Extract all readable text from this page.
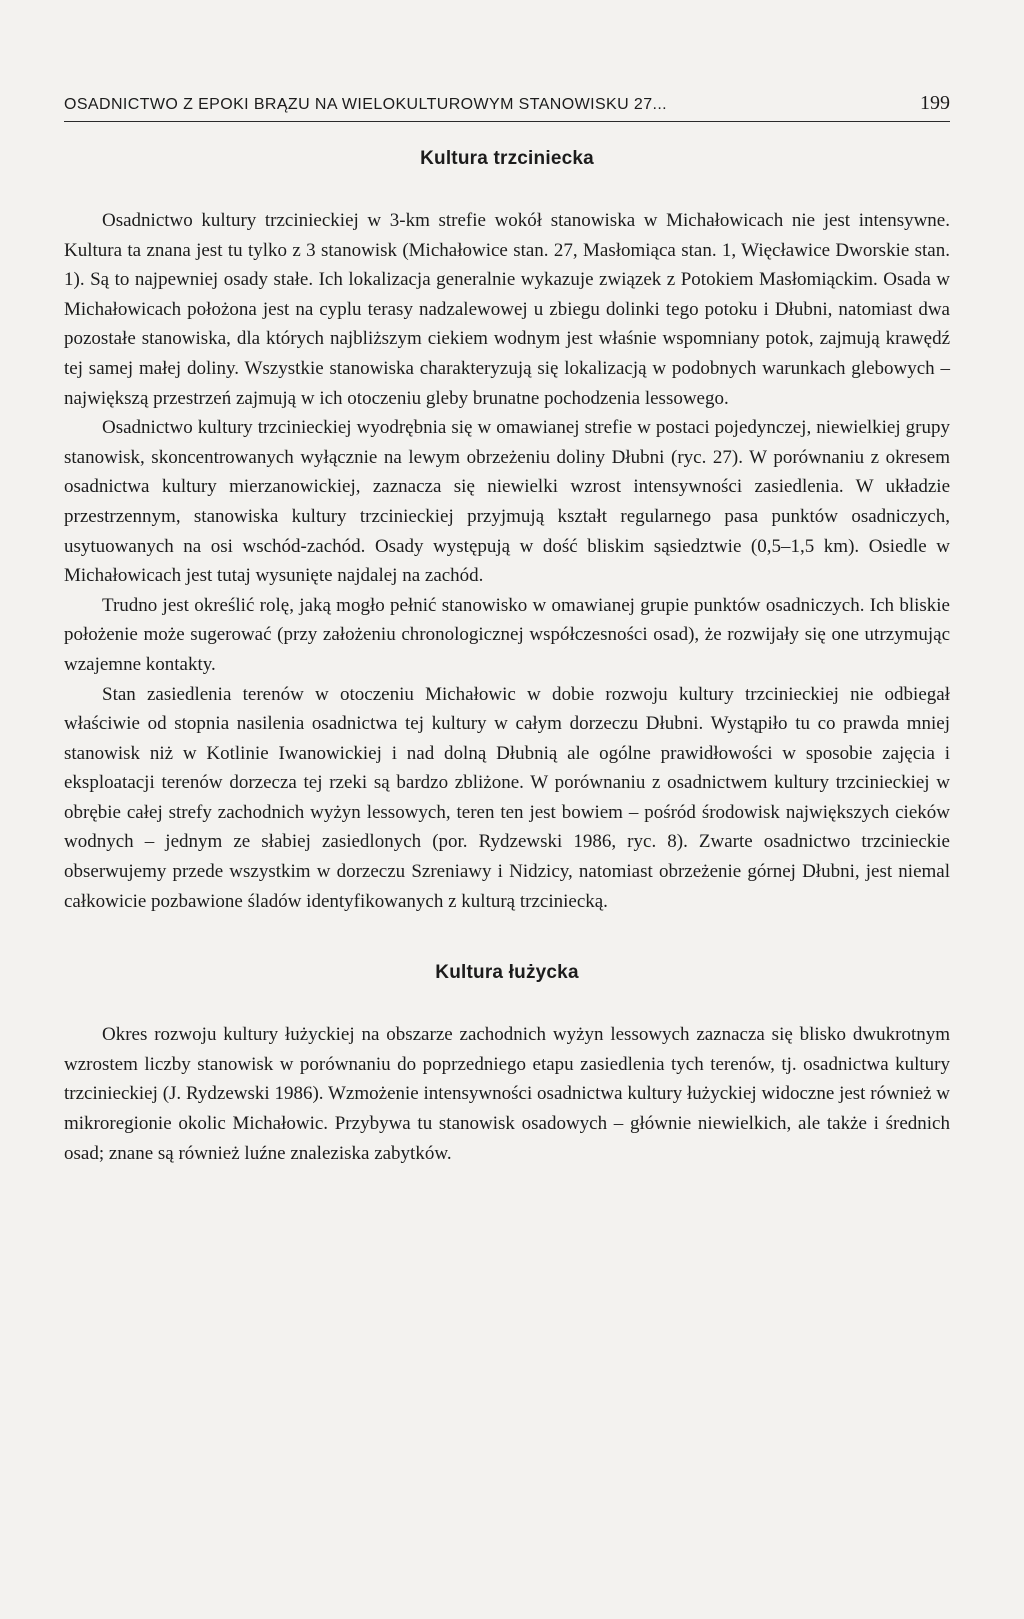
OSADNICTWO Z EPOKI BRĄZU NA WIELOKULTUROWYM STANOWISKU 27...	199
Kultura trzciniecka

Osadnictwo kultury trzcinieckiej w 3-km strefie wokół stanowiska w Michałowicach nie jest intensywne. Kultura ta znana jest tu tylko z 3 stanowisk (Michałowice stan. 27, Masłomiąca stan. 1, Więcławice Dworskie stan. 1). Są to najpewniej osady stałe. Ich lokalizacja generalnie wykazuje związek z Potokiem Masłomiąckim. Osada w Michałowicach położona jest na cyplu terasy nadzalewowej u zbiegu dolinki tego potoku i Dłubni, natomiast dwa pozostałe stanowiska, dla których najbliższym ciekiem wodnym jest właśnie wspomniany potok, zajmują krawędź tej samej małej doliny. Wszystkie stanowiska charakteryzują się lokalizacją w podobnych warunkach glebowych – największą przestrzeń zajmują w ich otoczeniu gleby brunatne pochodzenia lessowego.

Osadnictwo kultury trzcinieckiej wyodrębnia się w omawianej strefie w postaci pojedynczej, niewielkiej grupy stanowisk, skoncentrowanych wyłącznie na lewym obrzeżeniu doliny Dłubni (ryc. 27). W porównaniu z okresem osadnictwa kultury mierzanowickiej, zaznacza się niewielki wzrost intensywności zasiedlenia. W układzie przestrzennym, stanowiska kultury trzcinieckiej przyjmują kształt regularnego pasa punktów osadniczych, usytuowanych na osi wschód-zachód. Osady występują w dość bliskim sąsiedztwie (0,5–1,5 km). Osiedle w Michałowicach jest tutaj wysunięte najdalej na zachód.

Trudno jest określić rolę, jaką mogło pełnić stanowisko w omawianej grupie punktów osadniczych. Ich bliskie położenie może sugerować (przy założeniu chronologicznej współczesności osad), że rozwijały się one utrzymując wzajemne kontakty.

Stan zasiedlenia terenów w otoczeniu Michałowic w dobie rozwoju kultury trzcinieckiej nie odbiegał właściwie od stopnia nasilenia osadnictwa tej kultury w całym dorzeczu Dłubni. Wystąpiło tu co prawda mniej stanowisk niż w Kotlinie Iwanowickiej i nad dolną Dłubnią ale ogólne prawidłowości w sposobie zajęcia i eksploatacji terenów dorzecza tej rzeki są bardzo zbliżone. W porównaniu z osadnictwem kultury trzcinieckiej w obrębie całej strefy zachodnich wyżyn lessowych, teren ten jest bowiem – pośród środowisk największych cieków wodnych – jednym ze słabiej zasiedlonych (por. Rydzewski 1986, ryc. 8). Zwarte osadnictwo trzcinieckie obserwujemy przede wszystkim w dorzeczu Szreniawy i Nidzicy, natomiast obrzeżenie górnej Dłubni, jest niemal całkowicie pozbawione śladów identyfikowanych z kulturą trzciniecką.

Kultura łużycka

Okres rozwoju kultury łużyckiej na obszarze zachodnich wyżyn lessowych zaznacza się blisko dwukrotnym wzrostem liczby stanowisk w porównaniu do poprzedniego etapu zasiedlenia tych terenów, tj. osadnictwa kultury trzcinieckiej (J. Rydzewski 1986). Wzmożenie intensywności osadnictwa kultury łużyckiej widoczne jest również w mikroregionie okolic Michałowic. Przybywa tu stanowisk osadowych – głównie niewielkich, ale także i średnich osad; znane są również luźne znaleziska zabytków.
